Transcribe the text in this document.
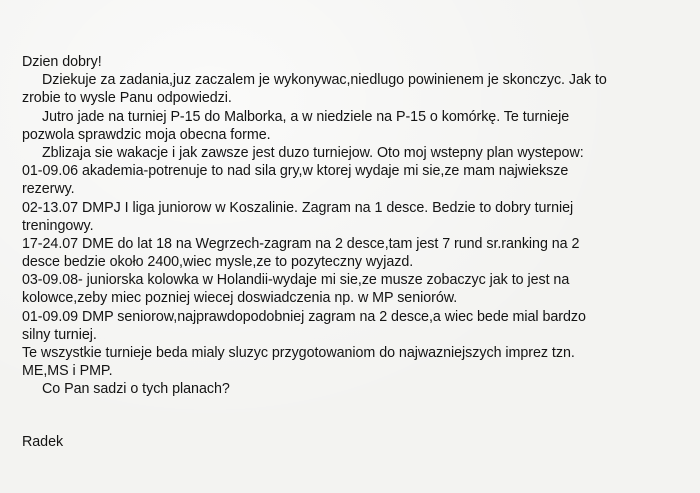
Dzien dobry!
Dziekuje za zadania,juz zaczalem je wykonywac,niedlugo powinienem je skonczyc. Jak to
zrobie to wysle Panu odpowiedzi.
Jutro jade na turniej P-15 do Malborka, a w niedziele na P-15 o komórkę. Te turnieje
pozwola sprawdzic moja obecna forme.
Zblizaja sie wakacje i jak zawsze jest duzo turniejow. Oto moj wstepny plan wystepow:
01-09.06 akademia-potrenuje to nad sila gry,w ktorej wydaje mi sie,ze mam najwieksze
rezerwy.
02-13.07 DMPJ I liga juniorow w Koszalinie. Zagram na 1 desce. Bedzie to dobry turniej
treningowy.
17-24.07 DME do lat 18 na Wegrzech-zagram na 2 desce,tam jest 7 rund sr.ranking na 2
desce bedzie około 2400,wiec mysle,ze to pozyteczny wyjazd.
03-09.08- juniorska kolowka w Holandii-wydaje mi sie,ze musze zobaczyc jak to jest na
kolowce,zeby miec pozniej wiecej doswiadczenia np. w MP seniorów.
01-09.09 DMP seniorow,najprawdopodobniej zagram na 2 desce,a wiec bede mial bardzo
silny turniej.
Te wszystkie turnieje beda mialy sluzyc przygotowaniom do najwazniejszych imprez tzn.
ME,MS i PMP.
Co Pan sadzi o tych planach?
Radek
